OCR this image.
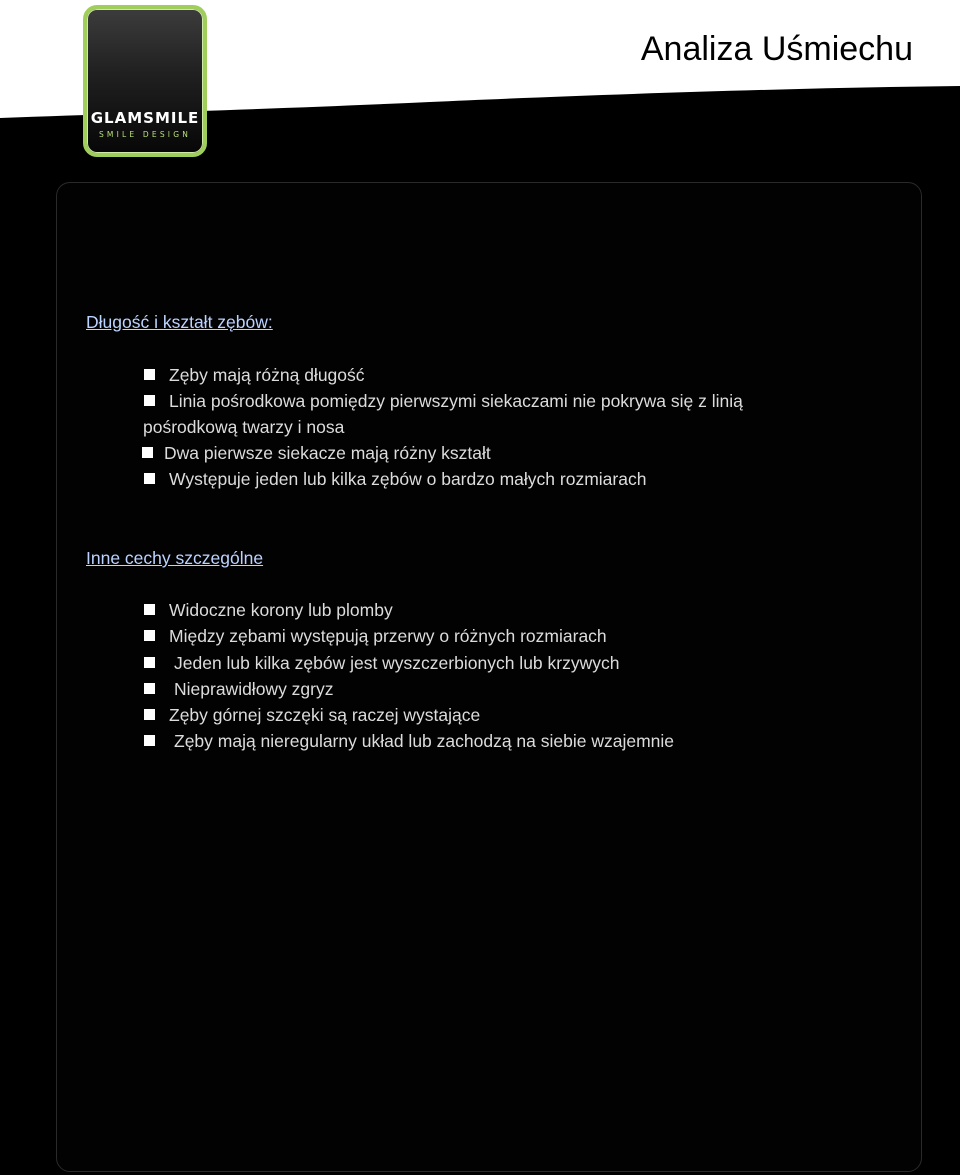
GLAMSMILE
SMILE DESIGN
Analiza Uśmiechu
Długość i kształt zębów:
Zęby mają różną długość
Linia pośrodkowa pomiędzy pierwszymi siekaczami nie pokrywa się z linią
pośrodkową twarzy i nosa
Dwa pierwsze siekacze mają różny kształt
Występuje jeden lub kilka zębów o bardzo małych rozmiarach
Inne cechy szczególne
Widoczne korony lub plomby
Między zębami występują przerwy o różnych rozmiarach
Jeden lub kilka zębów jest wyszczerbionych lub krzywych
Nieprawidłowy zgryz
Zęby górnej szczęki są raczej wystające
Zęby mają nieregularny układ lub zachodzą na siebie wzajemnie
